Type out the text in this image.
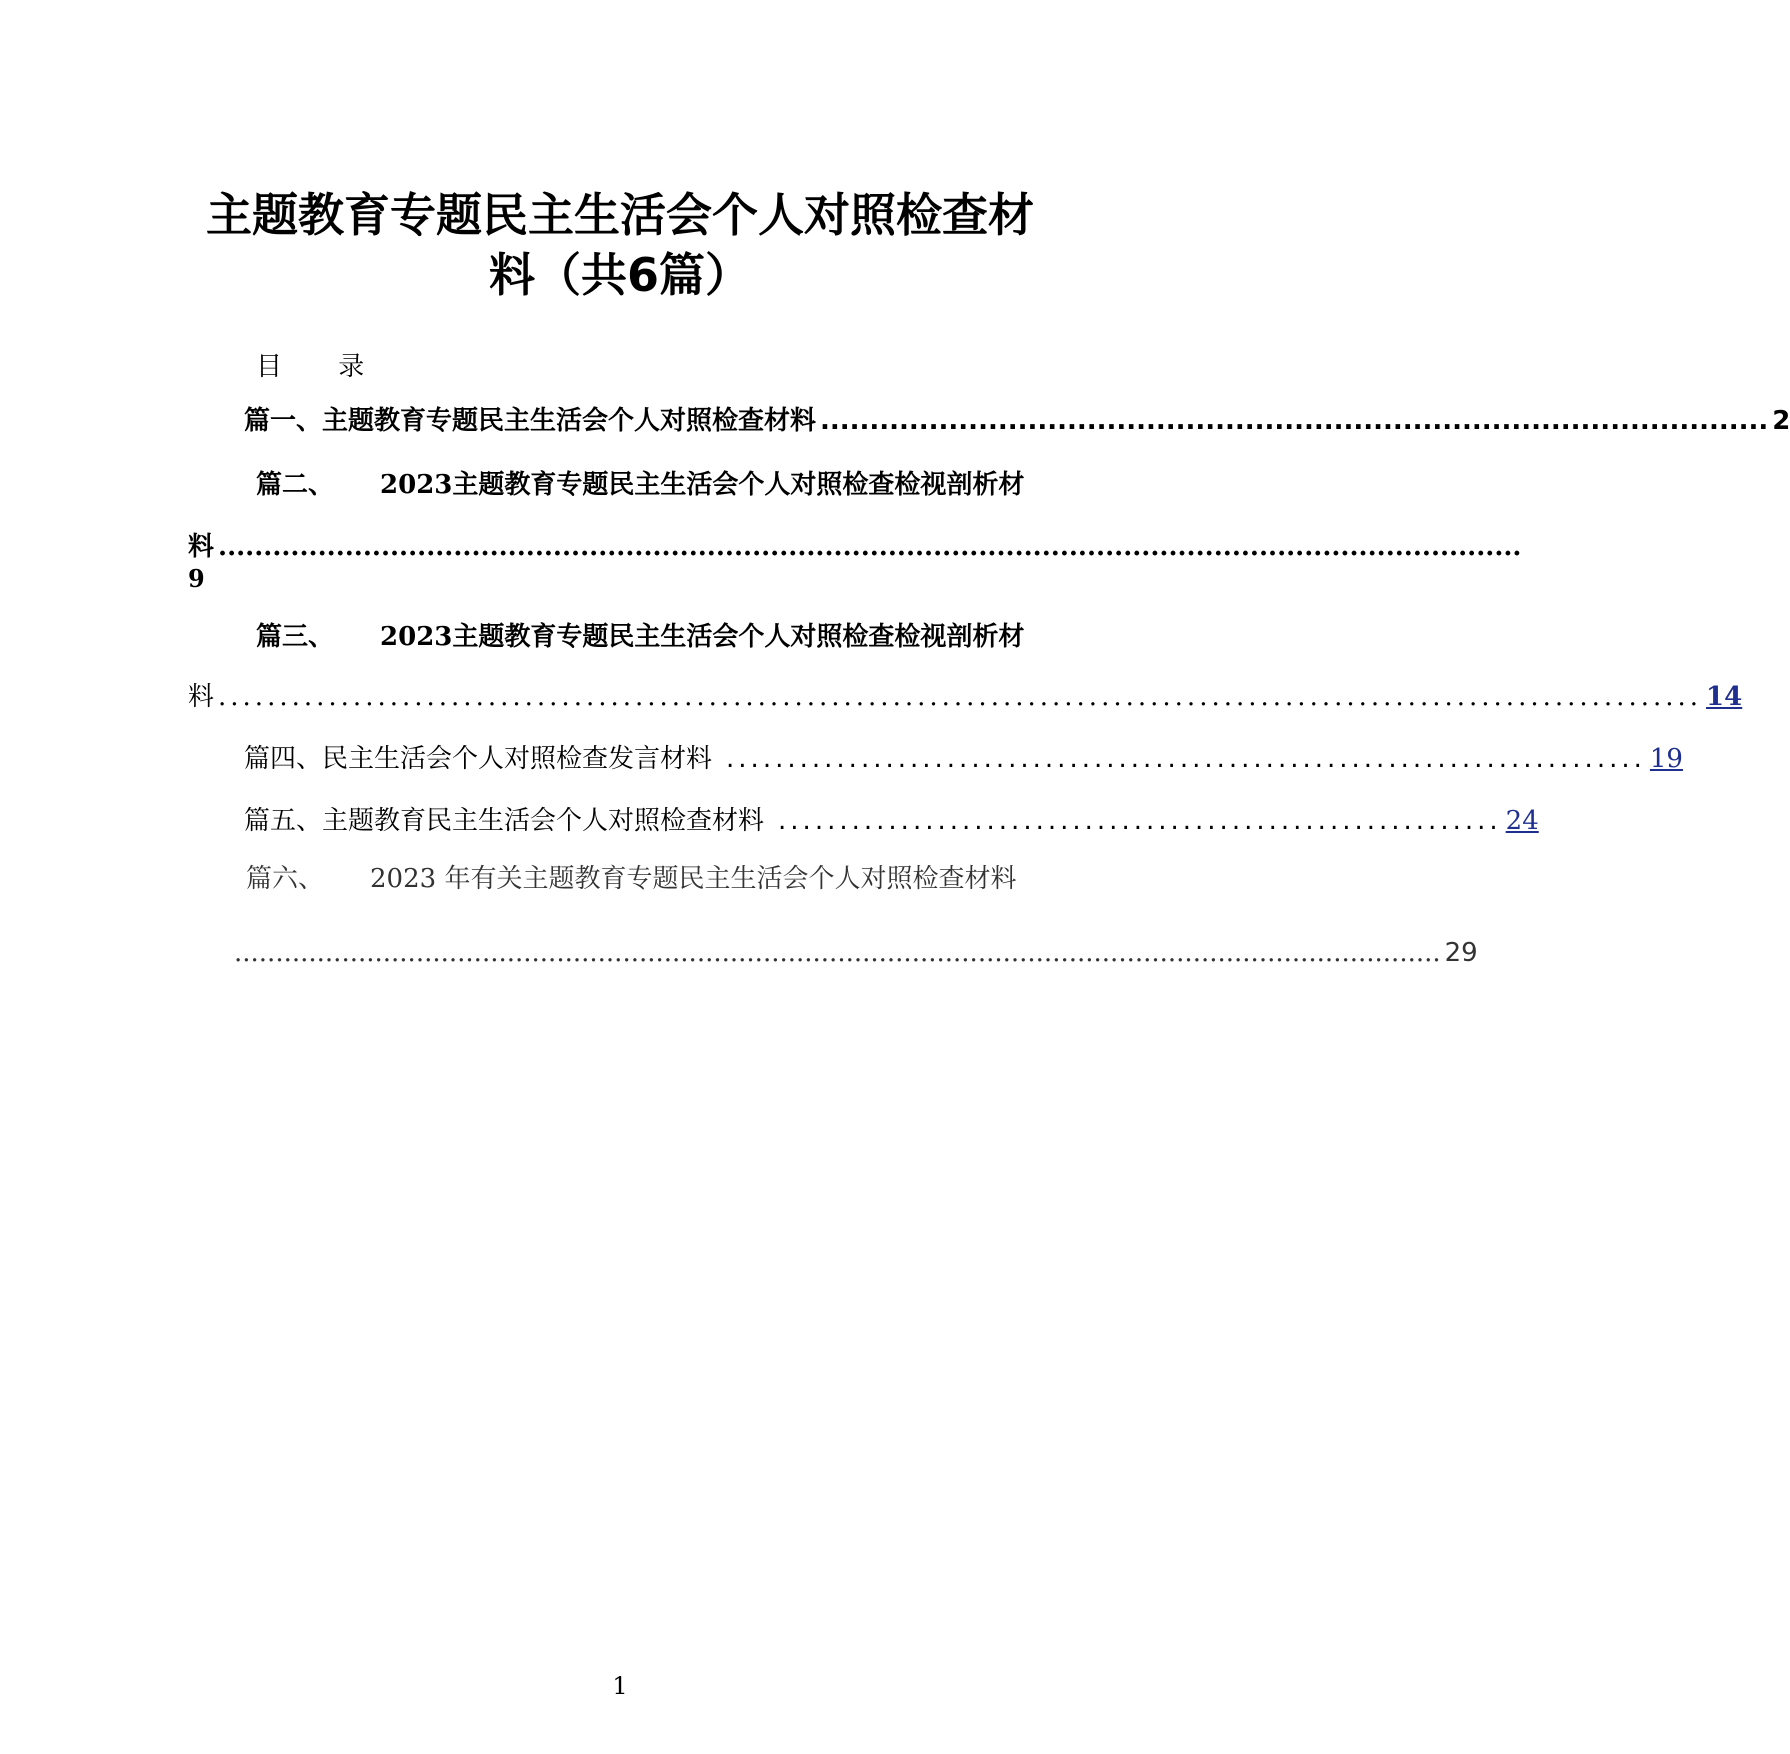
主题教育专题民主生活会个人对照检查材
料（共6篇）
目 录
篇一、 主题教育专题民主生活会个人对照检查材料 ................................................................................................ 2
篇二、 2023主题教育专题民主生活会个人对照检查检视剖析材
料 ................................................................................................................................................
9
篇三、 2023主题教育专题民主生活会个人对照检查检视剖析材
料 ......................................................................................................................... 14
篇四、 民主生活会个人对照检查发言材料 ........................................................................... 19
篇五、 主题教育民主生活会个人对照检查材料 ........................................................... 24
篇六、 2023 年有关主题教育专题民主生活会个人对照检查材料
.................................................................................................................................................. 29
1
